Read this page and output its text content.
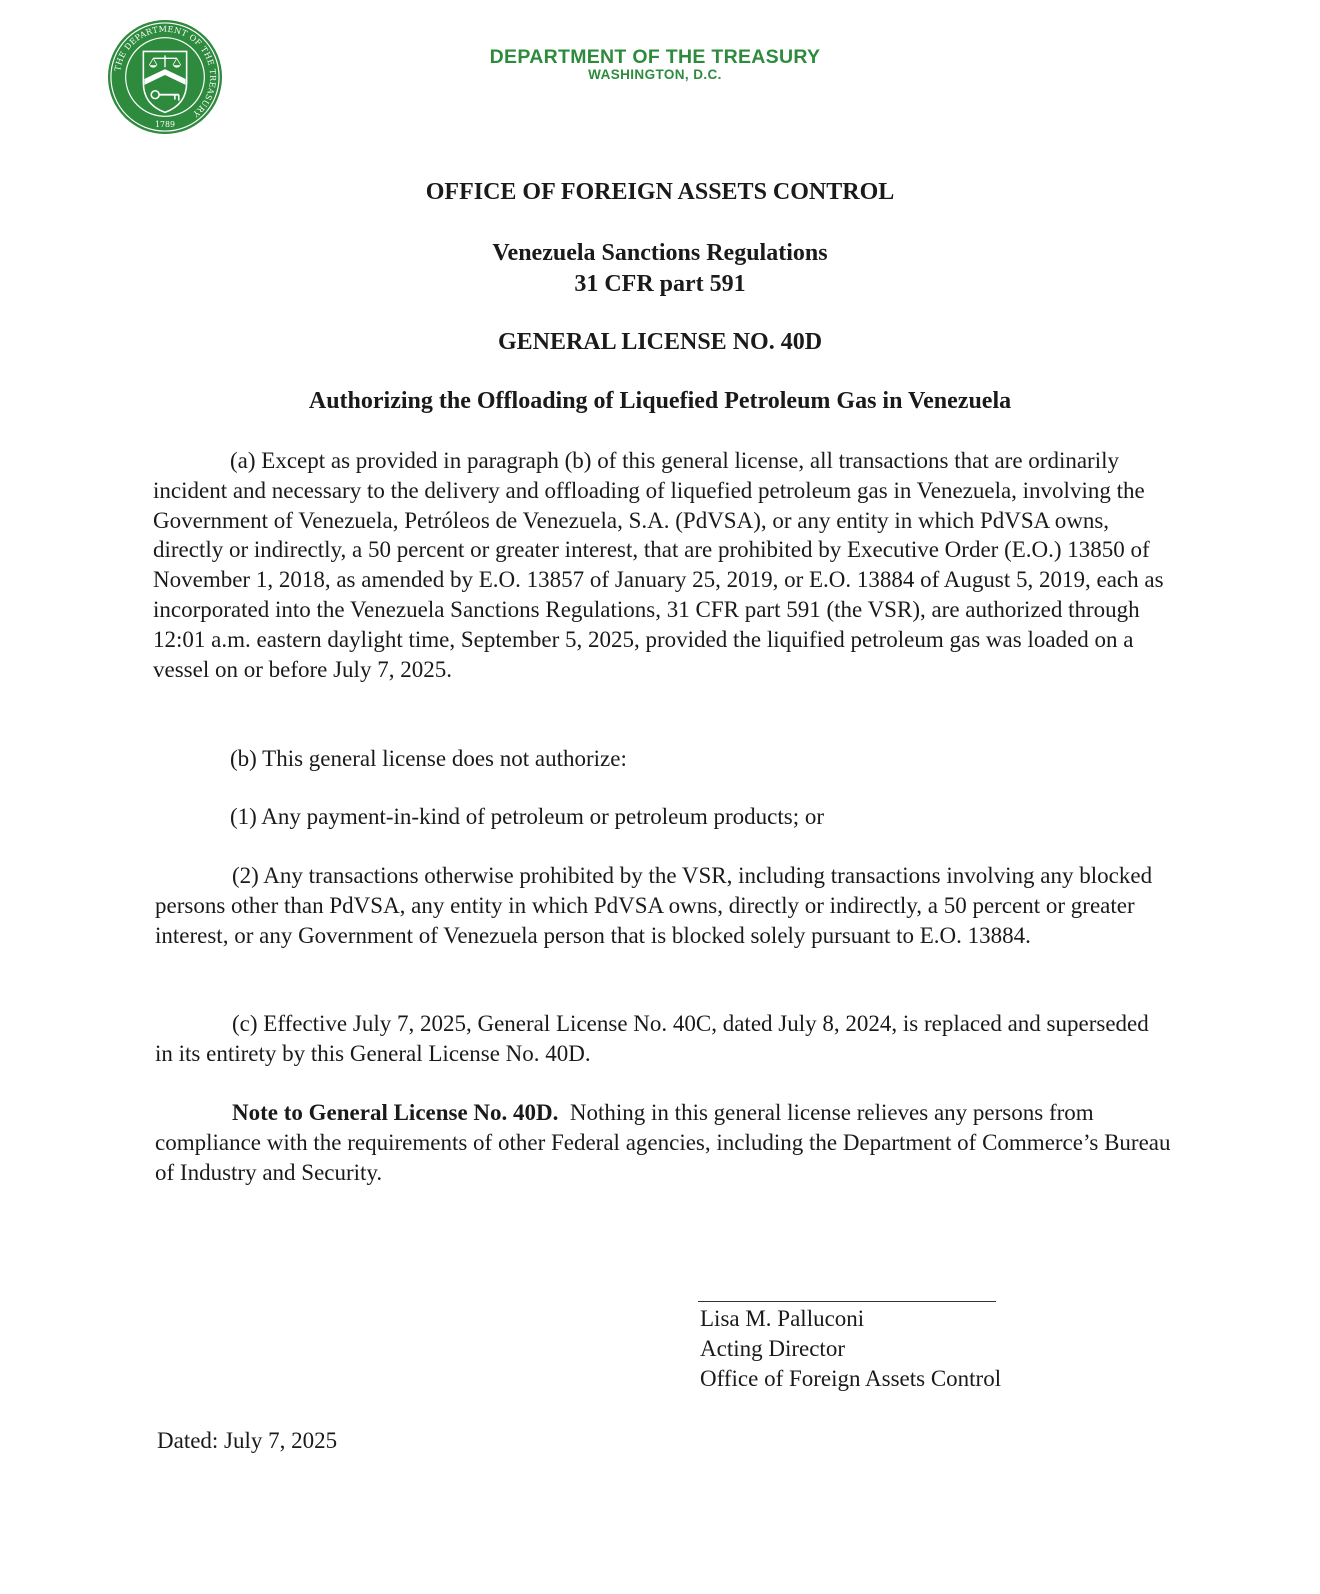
THE DEPARTMENT OF THE TREASURY
1789
DEPARTMENT OF THE TREASURY
WASHINGTON, D.C.
OFFICE OF FOREIGN ASSETS CONTROL
Venezuela Sanctions Regulations
31 CFR part 591
GENERAL LICENSE NO. 40D
Authorizing the Offloading of Liquefied Petroleum Gas in Venezuela
(a) Except as provided in paragraph (b) of this general license, all transactions that are ordinarily incident and necessary to the delivery and offloading of liquefied petroleum gas in Venezuela, involving the Government of Venezuela, Petróleos de Venezuela, S.A. (PdVSA), or any entity in which PdVSA owns, directly or indirectly, a 50 percent or greater interest, that are prohibited by Executive Order (E.O.) 13850 of November 1, 2018, as amended by E.O. 13857 of January 25, 2019, or E.O. 13884 of August 5, 2019, each as incorporated into the Venezuela Sanctions Regulations, 31 CFR part 591 (the VSR), are authorized through 12:01 a.m. eastern daylight time, September 5, 2025, provided the liquified petroleum gas was loaded on a vessel on or before July 7, 2025.
(b) This general license does not authorize:
(1) Any payment-in-kind of petroleum or petroleum products; or
(2) Any transactions otherwise prohibited by the VSR, including transactions involving any blocked persons other than PdVSA, any entity in which PdVSA owns, directly or indirectly, a 50 percent or greater interest, or any Government of Venezuela person that is blocked solely pursuant to E.O. 13884.
(c) Effective July 7, 2025, General License No. 40C, dated July 8, 2024, is replaced and superseded in its entirety by this General License No. 40D.
Note to General License No. 40D. Nothing in this general license relieves any persons from compliance with the requirements of other Federal agencies, including the Department of Commerce’s Bureau of Industry and Security.
Lisa M. Palluconi
Acting Director
Office of Foreign Assets Control
Dated: July 7, 2025
